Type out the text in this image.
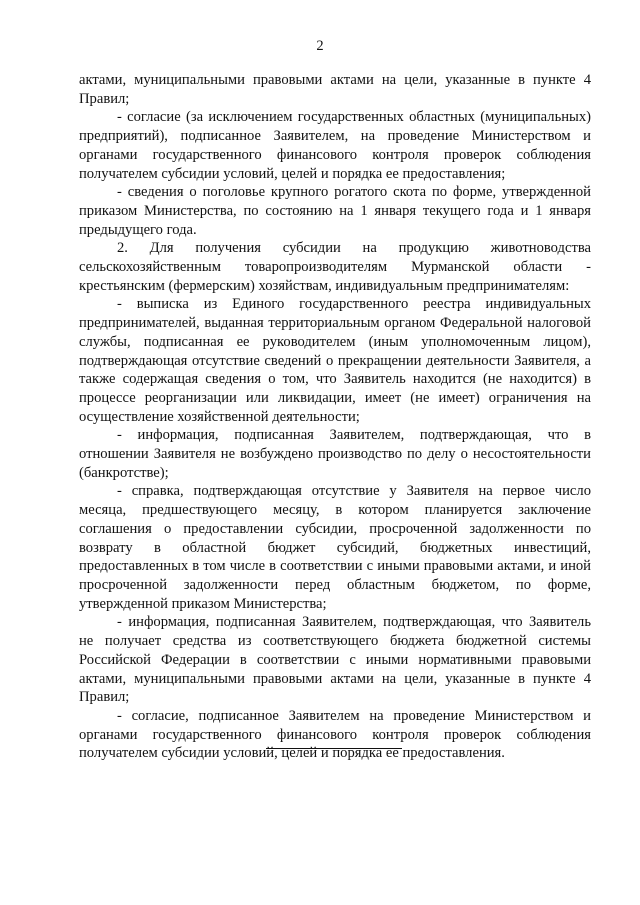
2

актами, муниципальными правовыми актами на цели, указанные в пункте 4 Правил;

- согласие (за исключением государственных областных (муниципальных) предприятий), подписанное Заявителем, на проведение Министерством и органами государственного финансового контроля проверок соблюдения получателем субсидии условий, целей и порядка ее предоставления;

- сведения о поголовье крупного рогатого скота по форме, утвержденной приказом Министерства, по состоянию на 1 января текущего года и 1 января предыдущего года.

2. Для получения субсидии на продукцию животноводства сельскохозяйственным товаропроизводителям Мурманской области - крестьянским (фермерским) хозяйствам, индивидуальным предпринимателям:

- выписка из Единого государственного реестра индивидуальных предпринимателей, выданная территориальным органом Федеральной налоговой службы, подписанная ее руководителем (иным уполномоченным лицом), подтверждающая отсутствие сведений о прекращении деятельности Заявителя, а также содержащая сведения о том, что Заявитель находится (не находится) в процессе реорганизации или ликвидации, имеет (не имеет) ограничения на осуществление хозяйственной деятельности;

- информация, подписанная Заявителем, подтверждающая, что в отношении Заявителя не возбуждено производство по делу о несостоятельности (банкротстве);

- справка, подтверждающая отсутствие у Заявителя на первое число месяца, предшествующего месяцу, в котором планируется заключение соглашения о предоставлении субсидии, просроченной задолженности по возврату в областной бюджет субсидий, бюджетных инвестиций, предоставленных в том числе в соответствии с иными правовыми актами, и иной просроченной задолженности перед областным бюджетом, по форме, утвержденной приказом Министерства;

- информация, подписанная Заявителем, подтверждающая, что Заявитель не получает средства из соответствующего бюджета бюджетной системы Российской Федерации в соответствии с иными нормативными правовыми актами, муниципальными правовыми актами на цели, указанные в пункте 4 Правил;

- согласие, подписанное Заявителем на проведение Министерством и органами государственного финансового контроля проверок соблюдения получателем субсидии условий, целей и порядка ее предоставления.
